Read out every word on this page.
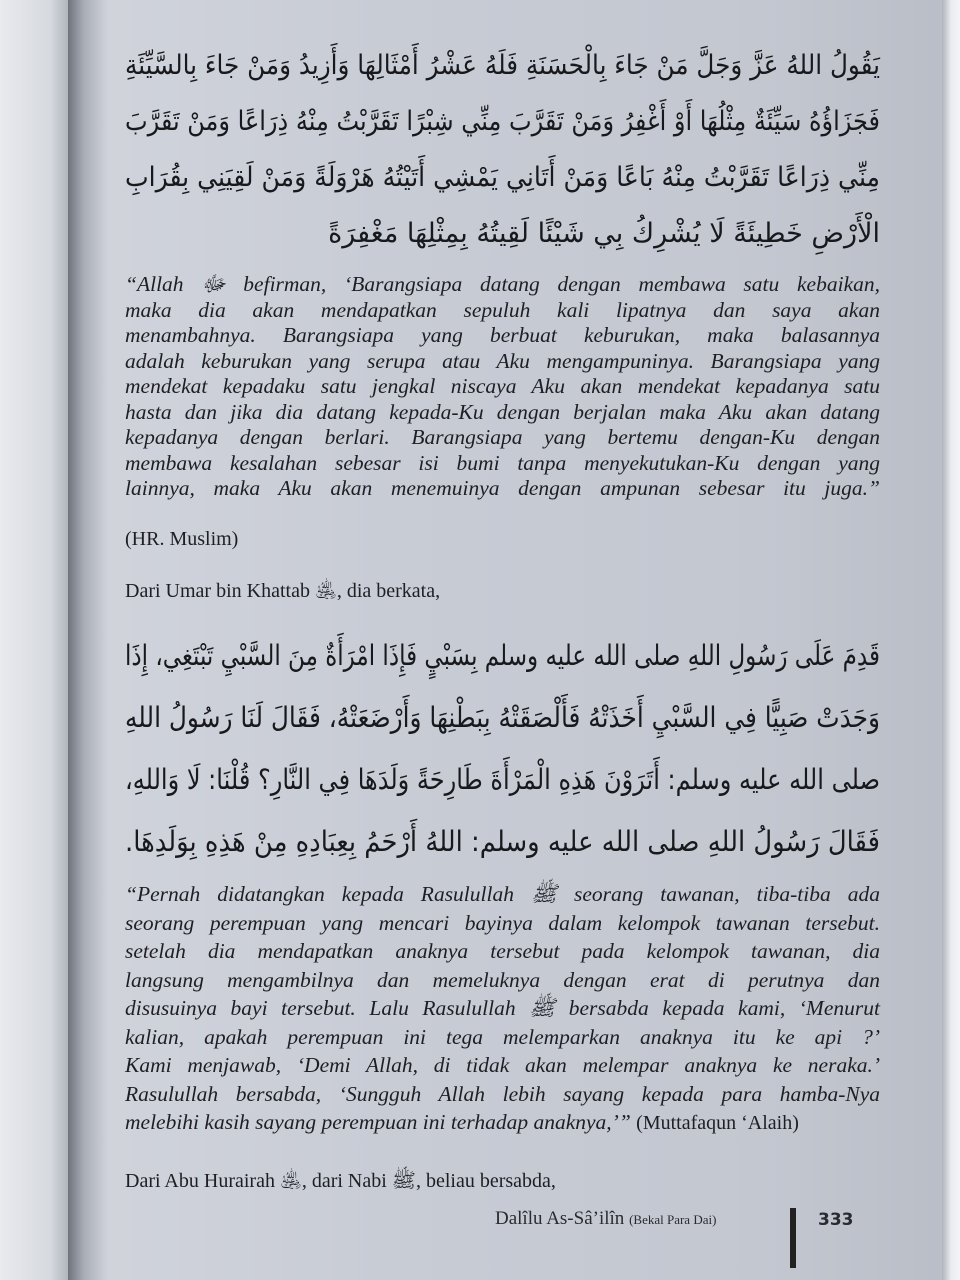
يَقُولُ اللهُ عَزَّ وَجَلَّ مَنْ جَاءَ بِالْحَسَنَةِ فَلَهُ عَشْرُ أَمْثَالِهَا وَأَزِيدُ وَمَنْ جَاءَ بِالسَّيِّئَةِ
فَجَزَاؤُهُ سَيِّئَةٌ مِثْلُهَا أَوْ أَغْفِرُ وَمَنْ تَقَرَّبَ مِنِّي شِبْرًا تَقَرَّبْتُ مِنْهُ ذِرَاعًا وَمَنْ تَقَرَّبَ
مِنِّي ذِرَاعًا تَقَرَّبْتُ مِنْهُ بَاعًا وَمَنْ أَتَانِي يَمْشِي أَتَيْتُهُ هَرْوَلَةً وَمَنْ لَقِيَنِي بِقُرَابِ
الْأَرْضِ خَطِيئَةً لَا يُشْرِكُ بِي شَيْئًا لَقِيتُهُ بِمِثْلِهَا مَغْفِرَةً

“Allah ﷻ befirman, ‘Barangsiapa datang dengan membawa satu kebaikan,

maka dia akan mendapatkan sepuluh kali lipatnya dan saya akan

menambahnya. Barangsiapa yang berbuat keburukan, maka balasannya

adalah keburukan yang serupa atau Aku mengampuninya. Barangsiapa yang

mendekat kepadaku satu jengkal niscaya Aku akan mendekat kepadanya satu

hasta dan jika dia datang kepada-Ku dengan berjalan maka Aku akan datang

kepadanya dengan berlari. Barangsiapa yang bertemu dengan-Ku dengan

membawa kesalahan sebesar isi bumi tanpa menyekutukan-Ku dengan yang

lainnya, maka Aku akan menemuinya dengan ampunan sebesar itu juga.”

(HR. Muslim)
Dari Umar bin Khattab ﵁, dia berkata,
قَدِمَ عَلَى رَسُولِ اللهِ صلى الله عليه وسلم بِسَبْيٍ فَإِذَا امْرَأَةٌ مِنَ السَّبْيِ تَبْتَغِي، إِذَا
وَجَدَتْ صَبِيًّا فِي السَّبْيِ أَخَذَتْهُ فَأَلْصَقَتْهُ بِبَطْنِهَا وَأَرْضَعَتْهُ، فَقَالَ لَنَا رَسُولُ اللهِ
صلى الله عليه وسلم: أَتَرَوْنَ هَذِهِ الْمَرْأَةَ طَارِحَةً وَلَدَهَا فِي النَّارِ؟ قُلْنَا: لَا وَاللهِ،
فَقَالَ رَسُولُ اللهِ صلى الله عليه وسلم: اللهُ أَرْحَمُ بِعِبَادِهِ مِنْ هَذِهِ بِوَلَدِهَا.

“Pernah didatangkan kepada Rasulullah ﷺ seorang tawanan, tiba-tiba ada

seorang perempuan yang mencari bayinya dalam kelompok tawanan tersebut.

setelah dia mendapatkan anaknya tersebut pada kelompok tawanan, dia

langsung mengambilnya dan memeluknya dengan erat di perutnya dan

disusuinya bayi tersebut. Lalu Rasulullah ﷺ bersabda kepada kami, ‘Menurut

kalian, apakah perempuan ini tega melemparkan anaknya itu ke api ?’

Kami menjawab, ‘Demi Allah, di tidak akan melempar anaknya ke neraka.’

Rasulullah bersabda, ‘Sungguh Allah lebih sayang kepada para hamba-Nya

melebihi kasih sayang perempuan ini terhadap anaknya,’” (Muttafaqun ‘Alaih)

Dari Abu Hurairah ﵁, dari Nabi ﷺ, beliau bersabda,
Dalîlu As-Sâ’ilîn (Bekal Para Dai)	333
